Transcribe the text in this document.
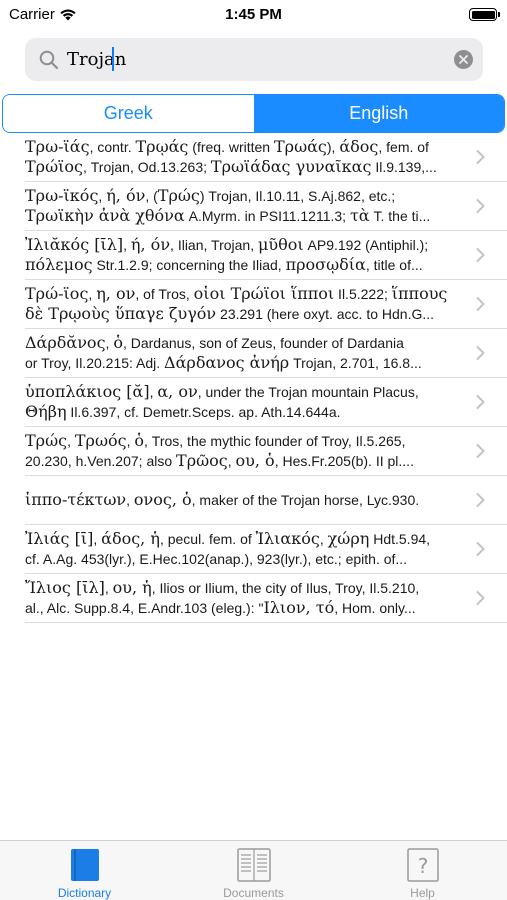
Carrier	1:45 PM
Trojan
Greek	English
Τρω-ϊάς, contr. Τρῳάς (freq. written Τρωάς), άδος, fem. of
Τρώϊος, Trojan, Od.13.263; Τρωϊάδας γυναῖκας Il.9.139,...
Τρω-ϊκός, ή, όν, (Τρώς) Trojan, Il.10.11, S.Aj.862, etc.;
Τρωϊκὴν ἀνὰ χθόνα A.Myrm. in PSI11.1211.3; τὰ T. the ti...
Ἰλιᾰκός [ῑλ], ή, όν, Ilian, Trojan, μῦθοι AP9.192 (Antiphil.);
πόλεμος Str.1.2.9; concerning the Iliad, προσῳδία, title of...
Τρώ-ϊος, η, ον, of Tros, οἱοι Τρώϊοι ἵπποι Il.5.222; ἵππους
δὲ Τρῳοὺς ὕπαγε ζυγόν 23.291 (here oxyt. acc. to Hdn.G...
Δάρδᾰνος, ὁ, Dardanus, son of Zeus, founder of Dardania
or Troy, Il.20.215: Adj. Δάρδανος ἀνήρ Trojan, 2.701, 16.8...
ὑποπλάκιος [ᾰ], α, ον, under the Trojan mountain Placus,
Θήβη Il.6.397, cf. Demetr.Sceps. ap. Ath.14.644a.
Τρώς, Τρωός, ὁ, Tros, the mythic founder of Troy, Il.5.265,
20.230, h.Ven.207; also Τρῶος, ου, ὁ, Hes.Fr.205(b). II pl....
ἱππο-τέκτων, ονος, ὁ, maker of the Trojan horse, Lyc.930.
Ἰλιάς [ῑ], άδος, ἡ, pecul. fem. of Ἰλιακός, χώρη Hdt.5.94,
cf. A.Ag. 453(lyr.), E.Hec.102(anap.), 923(lyr.), etc.; epith. of...
Ἴλιος [ῑλ], ου, ἡ, Ilios or Ilium, the city of Ilus, Troy, Il.5.210,
al., Alc. Supp.8.4, E.Andr.103 (eleg.): "Ιλιον, τό, Hom. only...
Dictionary	Documents
?
Help
